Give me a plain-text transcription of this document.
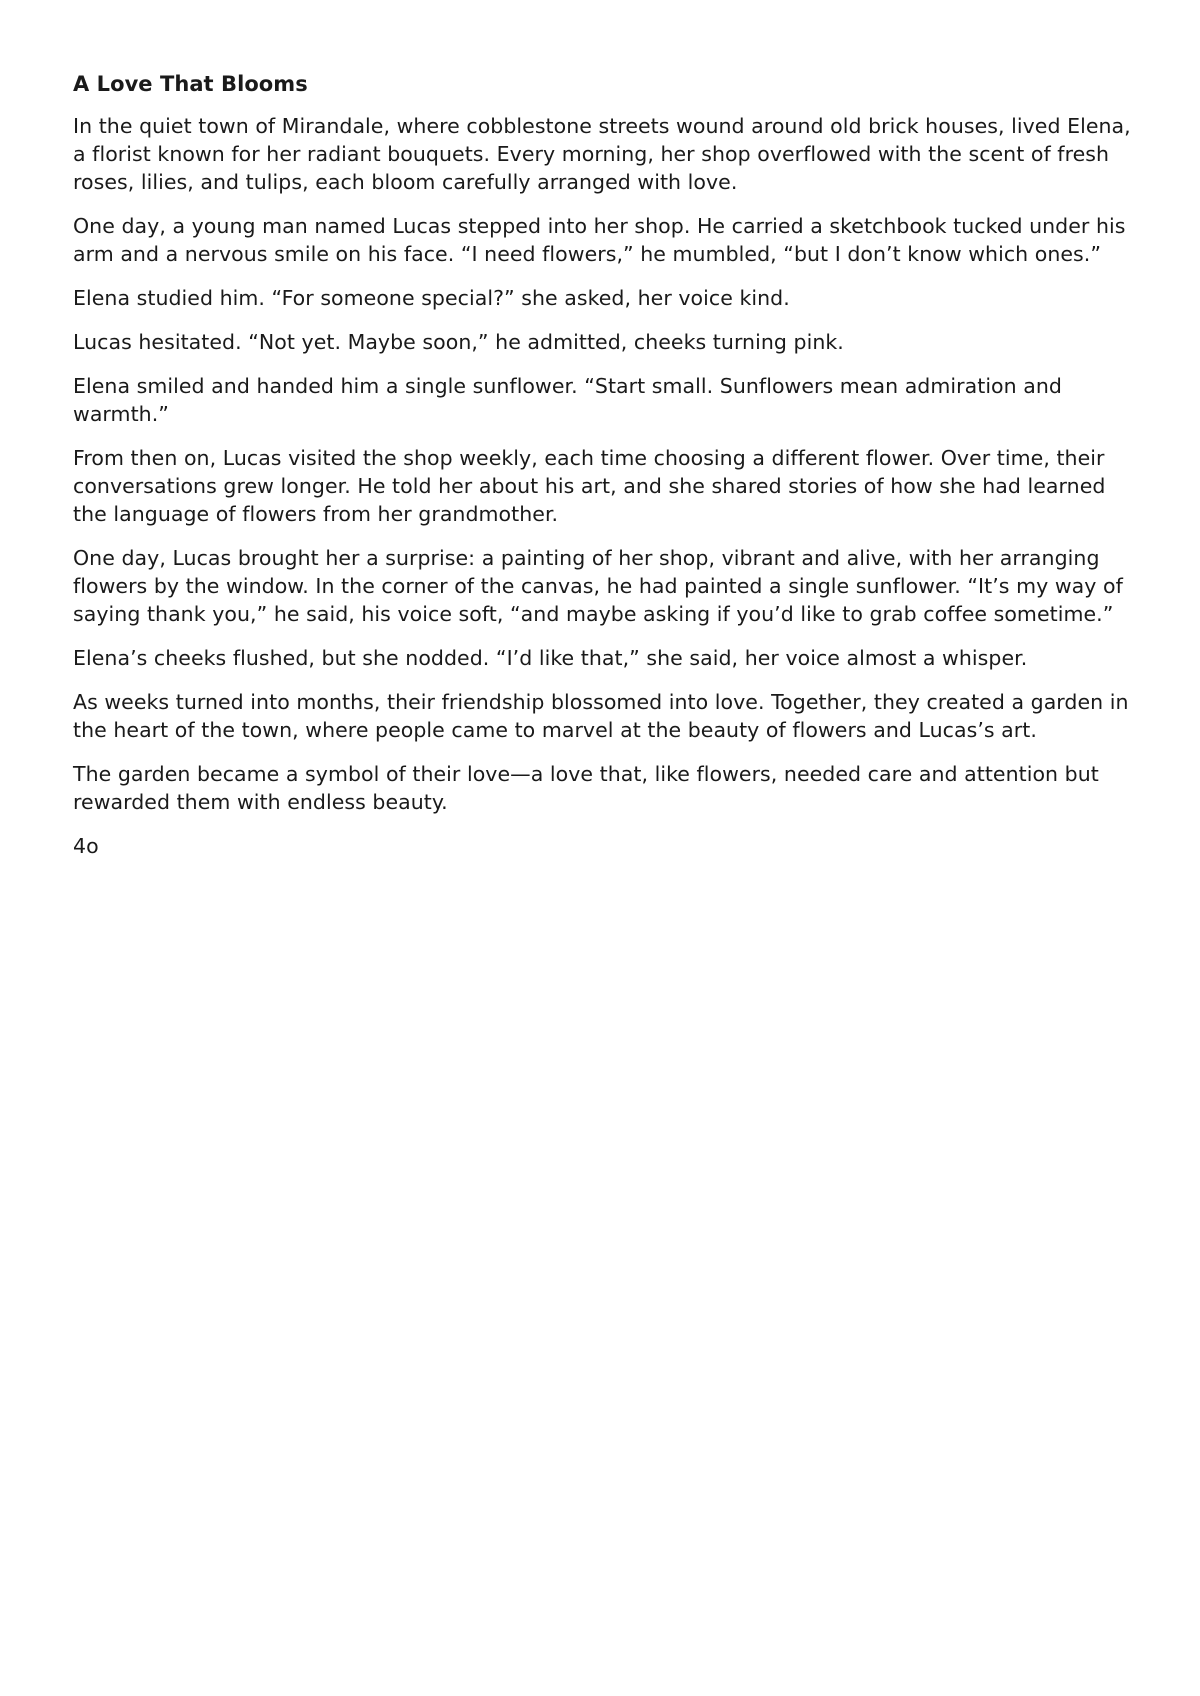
A Love That Blooms

In the quiet town of Mirandale, where cobblestone streets wound around old brick houses, lived Elena, a florist known for her radiant bouquets. Every morning, her shop overflowed with the scent of fresh roses, lilies, and tulips, each bloom carefully arranged with love.

One day, a young man named Lucas stepped into her shop. He carried a sketchbook tucked under his arm and a nervous smile on his face. “I need flowers,” he mumbled, “but I don’t know which ones.”

Elena studied him. “For someone special?” she asked, her voice kind.

Lucas hesitated. “Not yet. Maybe soon,” he admitted, cheeks turning pink.

Elena smiled and handed him a single sunflower. “Start small. Sunflowers mean admiration and warmth.”

From then on, Lucas visited the shop weekly, each time choosing a different flower. Over time, their conversations grew longer. He told her about his art, and she shared stories of how she had learned the language of flowers from her grandmother.

One day, Lucas brought her a surprise: a painting of her shop, vibrant and alive, with her arranging flowers by the window. In the corner of the canvas, he had painted a single sunflower. “It’s my way of saying thank you,” he said, his voice soft, “and maybe asking if you’d like to grab coffee sometime.”

Elena’s cheeks flushed, but she nodded. “I’d like that,” she said, her voice almost a whisper.

As weeks turned into months, their friendship blossomed into love. Together, they created a garden in the heart of the town, where people came to marvel at the beauty of flowers and Lucas’s art.

The garden became a symbol of their love—a love that, like flowers, needed care and attention but rewarded them with endless beauty.

4o
